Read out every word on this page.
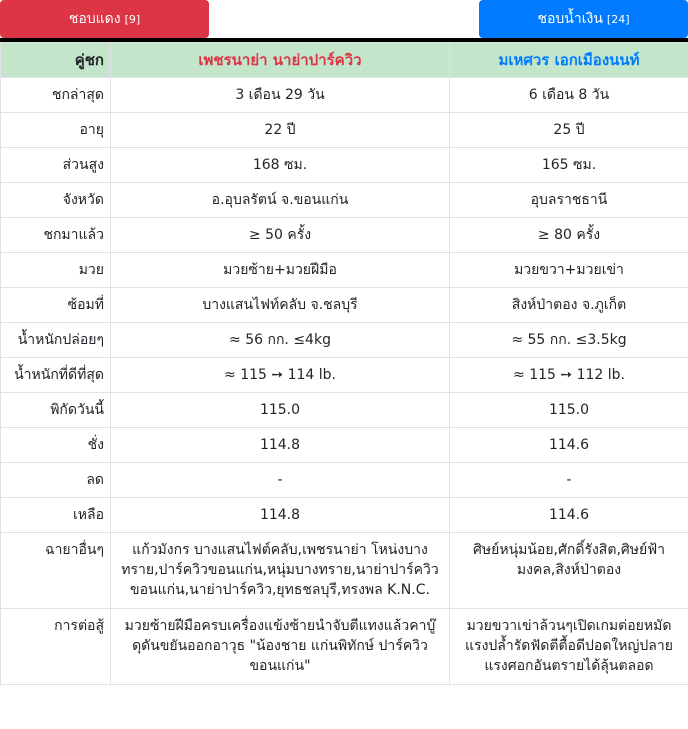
ชอบแดง [9]	ชอบน้ำเงิน [24]
คู่ชก	เพชรนาย่า นาย่าปาร์ควิว	มเหศวร เอกเมืองนนท์
ชกล่าสุด	3 เดือน 29 วัน	6 เดือน 8 วัน
อายุ	22 ปี	25 ปี
ส่วนสูง	168 ซม.	165 ซม.
จังหวัด	อ.อุบลรัตน์ จ.ขอนแก่น	อุบลราชธานี
ชกมาแล้ว	≥ 50 ครั้ง	≥ 80 ครั้ง
มวย	มวยซ้าย+มวยฝีมือ	มวยขวา+มวยเข่า
ซ้อมที่	บางแสนไฟท์คลับ จ.ชลบุรี	สิงห์ป่าตอง จ.ภูเก็ต
น้ำหนักปล่อยๆ	≈ 56 กก. ≤4kg	≈ 55 กก. ≤3.5kg
น้ำหนักที่ดีที่สุด	≈ 115 ➙ 114 lb.	≈ 115 ➙ 112 lb.
พิกัดวันนี้	115.0	115.0
ชั่ง	114.8	114.6
ลด	-	-
เหลือ	114.8	114.6
ฉายาอื่นๆ	แก้วมังกร บางแสนไฟต์คลับ,เพชรนาย่า โหน่งบางทราย,ปาร์ควิวขอนแก่น,หนุ่มบางทราย,นาย่าปาร์ควิวขอนแก่น,นาย่าปาร์ควิว,ยุทธชลบุรี,ทรงพล K.N.C.	ศิษย์หนุ่มน้อย,ศักดิ์รังสิต,ศิษย์ฟ้ามงคล,สิงห์ป่าตอง
การต่อสู้	มวยซ้ายฝีมือครบเครื่องแข้งซ้ายนำจับตีแทงแล้วคาบู๊ดุดันขยันออกอาวุธ "น้องชาย แก่นพิทักษ์ ปาร์ควิวขอนแก่น"	มวยขวาเข่าล้วนๆเปิดเกมต่อยหมัดแรงปล้ำรัดฟัดตีตื้อดีปอดใหญ่ปลายแรงศอกอันตรายได้ลุ้นตลอด
